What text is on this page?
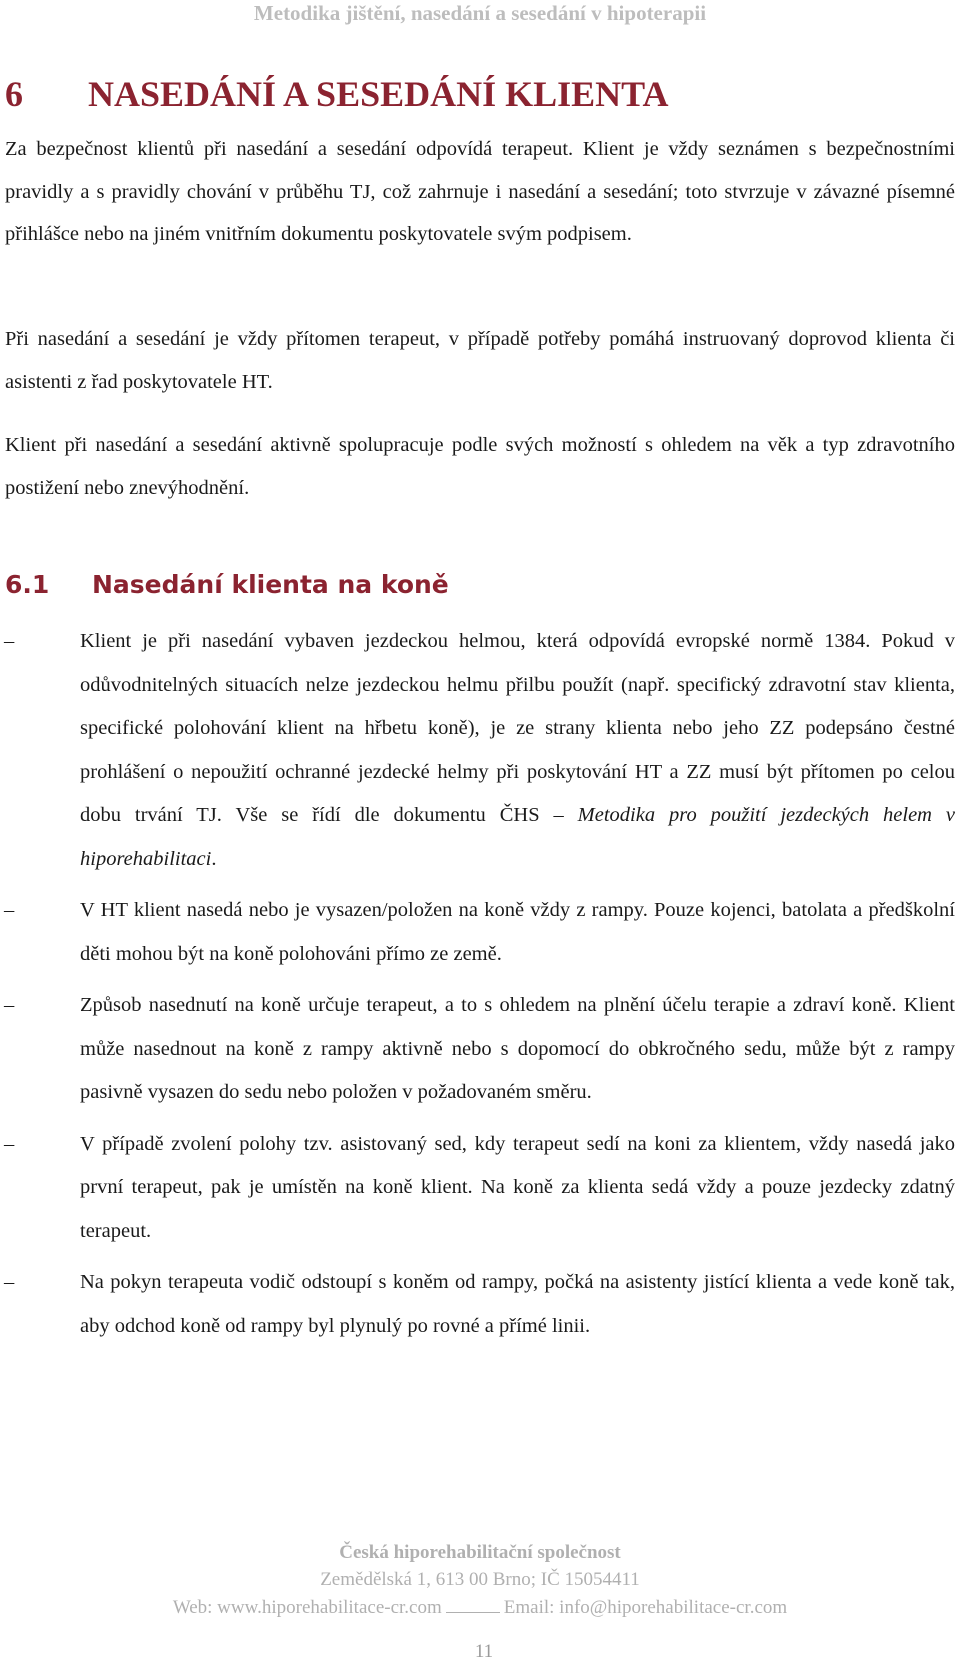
Metodika jištění, nasedání a sesedání v hipoterapii
6 NASEDÁNÍ A SESEDÁNÍ KLIENTA

Za bezpečnost klientů při nasedání a sesedání odpovídá terapeut. Klient je vždy seznámen s bezpečnostními pravidly a s pravidly chování v průběhu TJ, což zahrnuje i nasedání a sesedání; toto stvrzuje v závazné písemné přihlášce nebo na jiném vnitřním dokumentu poskytovatele svým podpisem.

Při nasedání a sesedání je vždy přítomen terapeut, v případě potřeby pomáhá instruovaný doprovod klienta či asistenti z řad poskytovatele HT.

Klient při nasedání a sesedání aktivně spolupracuje podle svých možností s ohledem na věk a typ zdravotního postižení nebo znevýhodnění.

6.1 Nasedání klienta na koně
–	Klient je při nasedání vybaven jezdeckou helmou, která odpovídá evropské normě 1384. Pokud v odůvodnitelných situacích nelze jezdeckou helmu přilbu použít (např. specifický zdravotní stav klienta, specifické polohování klient na hřbetu koně), je ze strany klienta nebo jeho ZZ podepsáno čestné prohlášení o nepoužití ochranné jezdecké helmy při poskytování HT a ZZ musí být přítomen po celou dobu trvání TJ. Vše se řídí dle dokumentu ČHS – Metodika pro použití jezdeckých helem v hiporehabilitaci.
–	V HT klient nasedá nebo je vysazen/položen na koně vždy z rampy. Pouze kojenci, batolata a předškolní děti mohou být na koně polohováni přímo ze země.
–	Způsob nasednutí na koně určuje terapeut, a to s ohledem na plnění účelu terapie a zdraví koně. Klient může nasednout na koně z rampy aktivně nebo s dopomocí do obkročného sedu, může být z rampy pasivně vysazen do sedu nebo položen v požadovaném směru.
–	V případě zvolení polohy tzv. asistovaný sed, kdy terapeut sedí na koni za klientem, vždy nasedá jako první terapeut, pak je umístěn na koně klient. Na koně za klienta sedá vždy a pouze jezdecky zdatný terapeut.
–	Na pokyn terapeuta vodič odstoupí s koněm od rampy, počká na asistenty jistící klienta a vede koně tak, aby odchod koně od rampy byl plynulý po rovné a přímé linii.
Česká hiporehabilitační společnost
Zemědělská 1, 613 00 Brno; IČ 15054411
Web: www.hiporehabilitace-cr.com	Email: info@hiporehabilitace-cr.com
11
